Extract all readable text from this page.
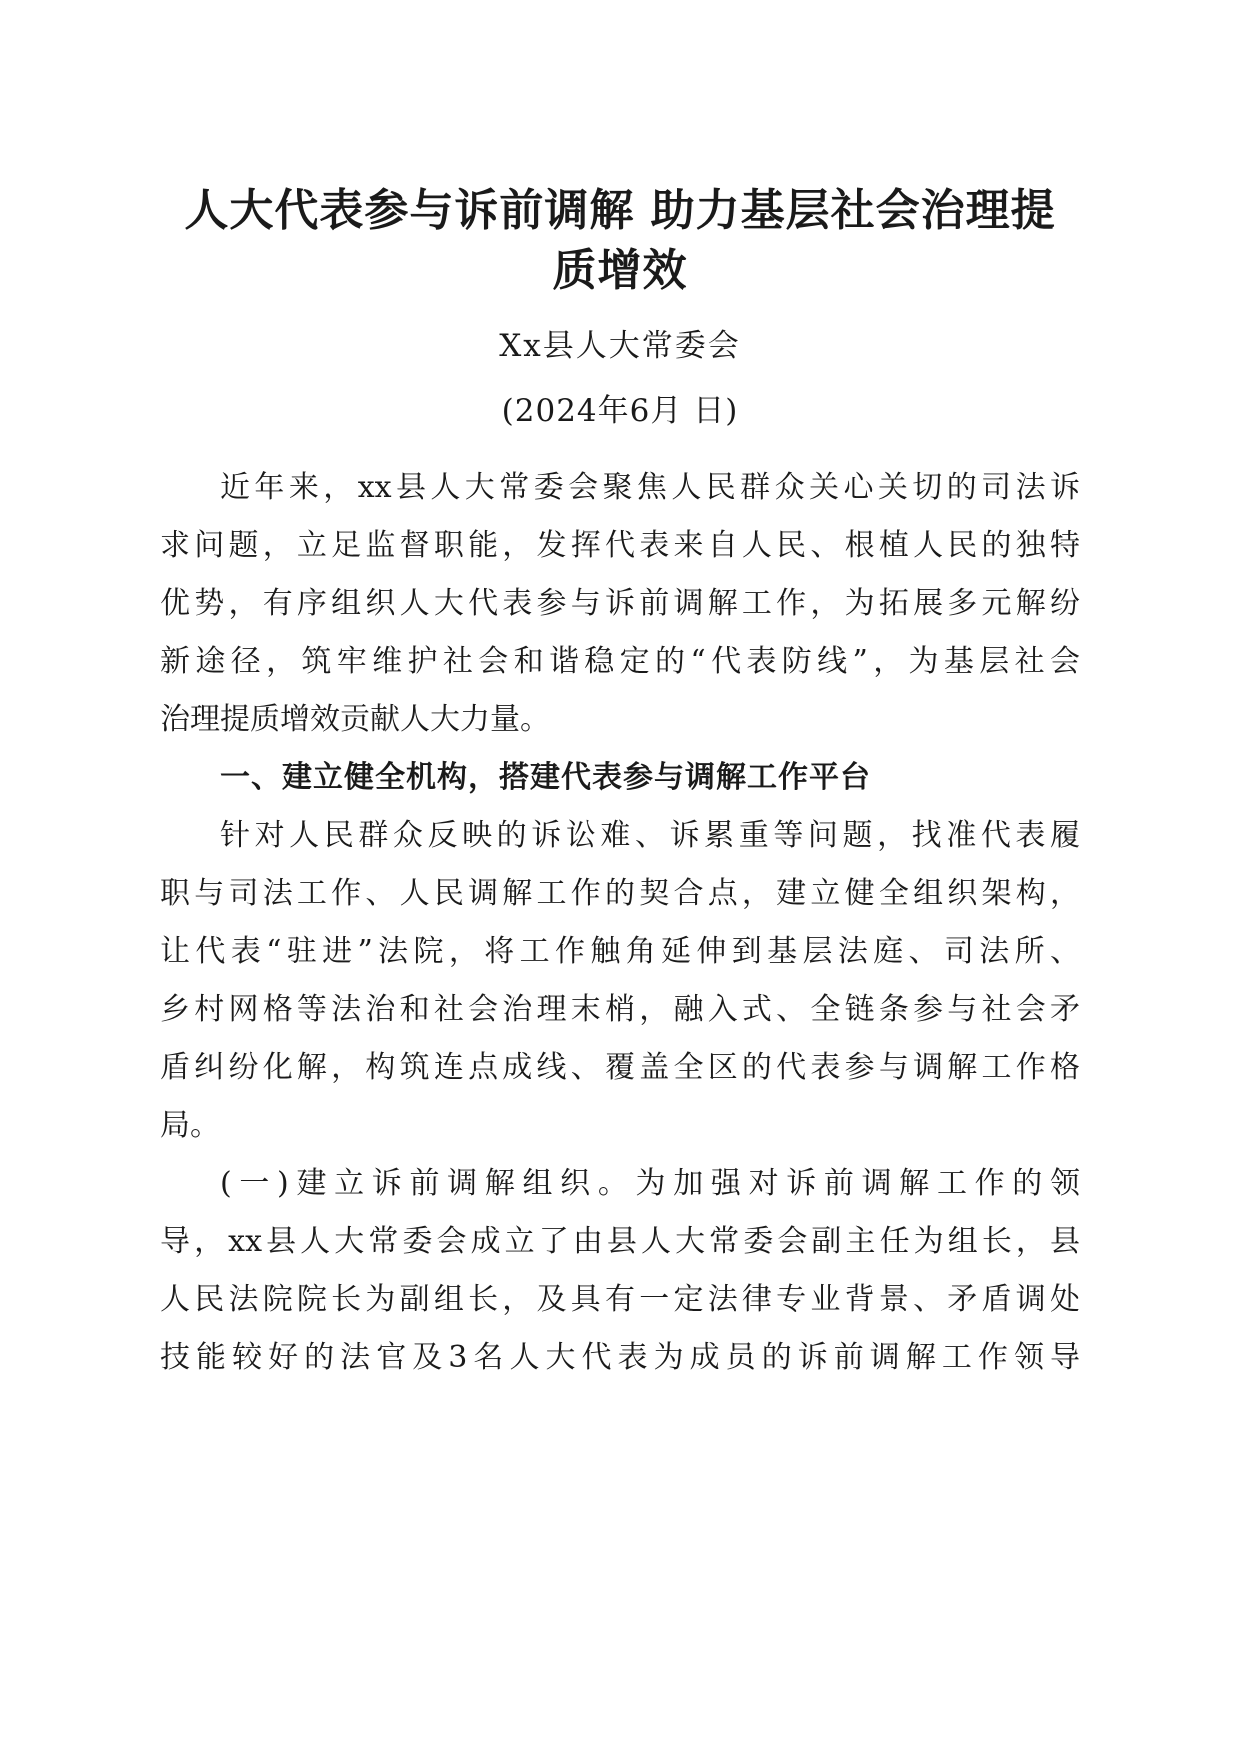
人大代表参与诉前调解 助力基层社会治理提
质增效
Xx县人大常委会
(2024年6月 日)
近年来，xx县人大常委会聚焦人民群众关心关切的司法诉
求问题，立足监督职能，发挥代表来自人民、根植人民的独特
优势，有序组织人大代表参与诉前调解工作，为拓展多元解纷
新途径，筑牢维护社会和谐稳定的“代表防线”，为基层社会
治理提质增效贡献人大力量。
一、建立健全机构，搭建代表参与调解工作平台
针对人民群众反映的诉讼难、诉累重等问题，找准代表履
职与司法工作、人民调解工作的契合点，建立健全组织架构，
让代表“驻进”法院，将工作触角延伸到基层法庭、司法所、
乡村网格等法治和社会治理末梢，融入式、全链条参与社会矛
盾纠纷化解，构筑连点成线、覆盖全区的代表参与调解工作格
局。
(一)建立诉前调解组织。为加强对诉前调解工作的领
导，xx县人大常委会成立了由县人大常委会副主任为组长，县
人民法院院长为副组长，及具有一定法律专业背景、矛盾调处
技能较好的法官及3名人大代表为成员的诉前调解工作领导
